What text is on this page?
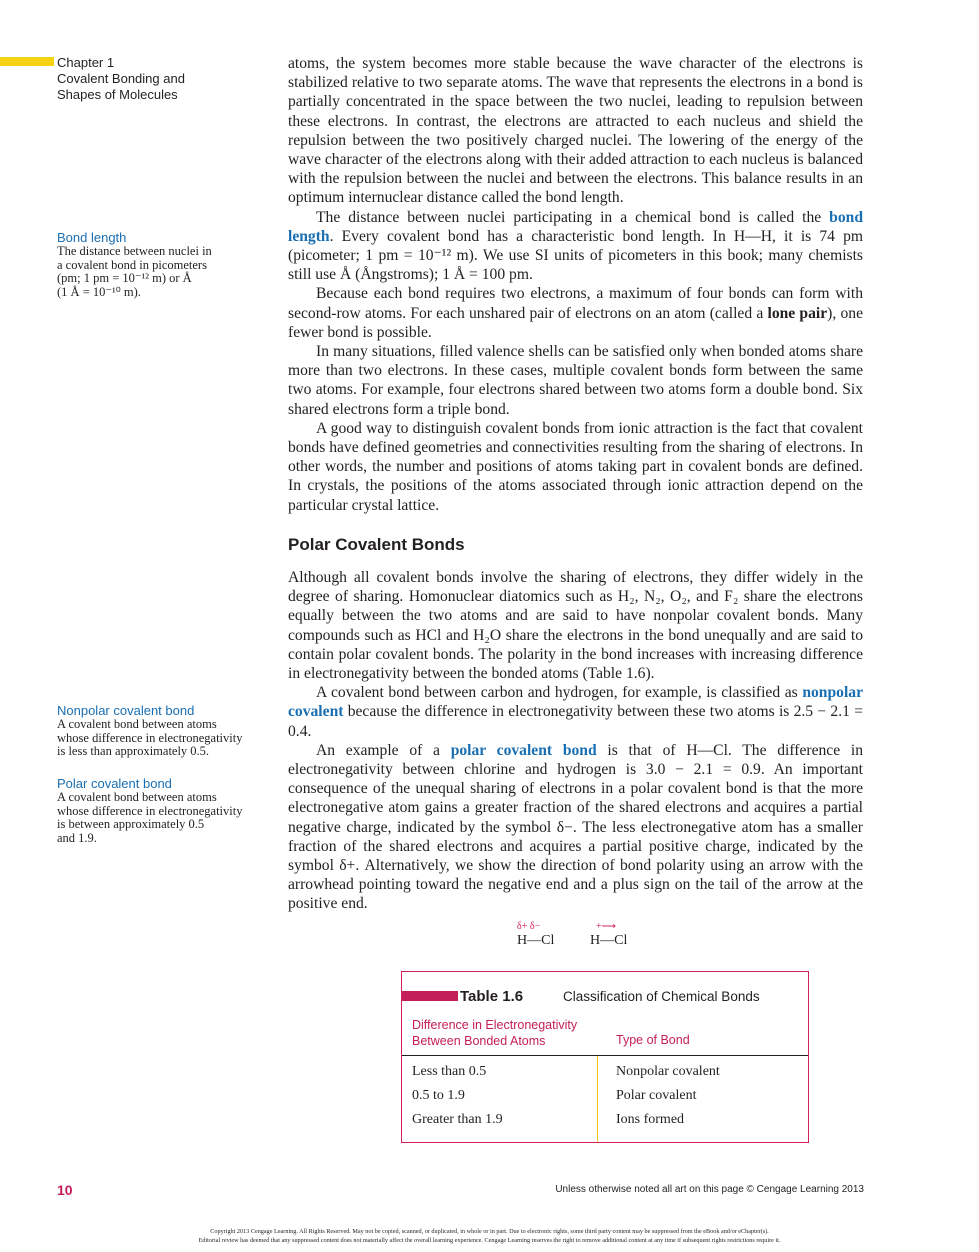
Chapter 1
Covalent Bonding and
Shapes of Molecules
Bond length
The distance between nuclei in
a covalent bond in picometers
(pm; 1 pm = 10⁻¹² m) or Å
(1 Å = 10⁻¹⁰ m).
Nonpolar covalent bond
A covalent bond between atoms
whose difference in electronegativity
is less than approximately 0.5.
Polar covalent bond
A covalent bond between atoms
whose difference in electronegativity
is between approximately 0.5
and 1.9.

atoms, the system becomes more stable because the wave character of the electrons is stabilized relative to two separate atoms. The wave that represents the electrons in a bond is partially concentrated in the space between the two nuclei, leading to repulsion between these electrons. In contrast, the electrons are attracted to each nucleus and shield the repulsion between the two positively charged nuclei. The lowering of the energy of the wave character of the electrons along with their added attraction to each nucleus is balanced with the repulsion between the nuclei and between the electrons. This balance results in an optimum internuclear distance called the bond length.

The distance between nuclei participating in a chemical bond is called the bond length. Every covalent bond has a characteristic bond length. In H—H, it is 74 pm (picometer; 1 pm = 10⁻¹² m). We use SI units of picometers in this book; many chemists still use Å (Ångstroms); 1 Å = 100 pm.

Because each bond requires two electrons, a maximum of four bonds can form with second-row atoms. For each unshared pair of electrons on an atom (called a lone pair), one fewer bond is possible.

In many situations, filled valence shells can be satisfied only when bonded atoms share more than two electrons. In these cases, multiple covalent bonds form between the same two atoms. For example, four electrons shared between two atoms form a double bond. Six shared electrons form a triple bond.

A good way to distinguish covalent bonds from ionic attraction is the fact that covalent bonds have defined geometries and connectivities resulting from the sharing of electrons. In other words, the number and positions of atoms taking part in covalent bonds are defined. In crystals, the positions of the atoms associated through ionic attraction depend on the particular crystal lattice.

Polar Covalent Bonds

Although all covalent bonds involve the sharing of electrons, they differ widely in the degree of sharing. Homonuclear diatomics such as H₂, N₂, O₂, and F₂ share the electrons equally between the two atoms and are said to have nonpolar covalent bonds. Many compounds such as HCl and H₂O share the electrons in the bond unequally and are said to contain polar covalent bonds. The polarity in the bond increases with increasing difference in electronegativity between the bonded atoms (Table 1.6).

A covalent bond between carbon and hydrogen, for example, is classified as nonpolar covalent because the difference in electronegativity between these two atoms is 2.5 − 2.1 = 0.4.

An example of a polar covalent bond is that of H—Cl. The difference in electronegativity between chlorine and hydrogen is 3.0 − 2.1 = 0.9. An important consequence of the unequal sharing of electrons in a polar covalent bond is that the more electronegative atom gains a greater fraction of the shared electrons and acquires a partial negative charge, indicated by the symbol δ−. The less electronegative atom has a smaller fraction of the shared electrons and acquires a partial positive charge, indicated by the symbol δ+. Alternatively, we show the direction of bond polarity using an arrow with the arrowhead pointing toward the negative end and a plus sign on the tail of the arrow at the positive end.

δ+ δ−
H—Cl
+⟶
H—Cl
Table 1.6	Classification of Chemical Bonds
Difference in Electronegativity
Between Bonded Atoms	Type of Bond
Less than 0.5	Nonpolar covalent
0.5 to 1.9	Polar covalent
Greater than 1.9	Ions formed
10	Unless otherwise noted all art on this page © Cengage Learning 2013
Copyright 2013 Cengage Learning. All Rights Reserved. May not be copied, scanned, or duplicated, in whole or in part. Due to electronic rights, some third party content may be suppressed from the eBook and/or eChapter(s).
Editorial review has deemed that any suppressed content does not materially affect the overall learning experience. Cengage Learning reserves the right to remove additional content at any time if subsequent rights restrictions require it.
